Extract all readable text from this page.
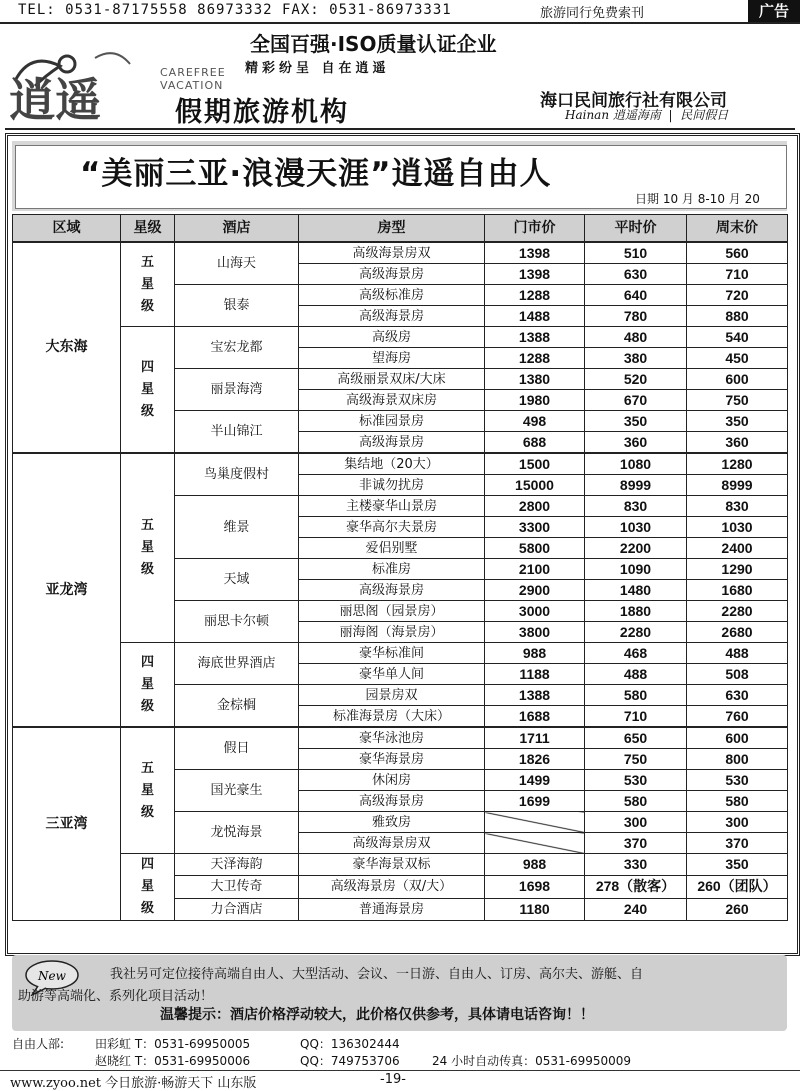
TEL: 0531-87175558 86973332 FAX: 0531-86973331	旅游同行免费索刊	广告
全国百强·ISO质量认证企业
精彩纷呈 自在逍遥
逍遥
CAREFREE
VACATION
假期旅游机构	海口民间旅行社有限公司
Hainan 逍遥海南  |  民间假日
“美丽三亚·浪漫天涯”逍遥自由人
日期 10 月 8-10 月 20
区域	星级	酒店	房型	门市价	平时价	周末价
大东海	五星级	山海天	高级海景房双	1398	510	560
			高级海景房	1398	630	710
		银泰	高级标准房	1288	640	720
			高级海景房	1488	780	880
	四星级	宝宏龙都	高级房	1388	480	540
			望海房	1288	380	450
		丽景海湾	高级丽景双床/大床	1380	520	600
			高级海景双床房	1980	670	750
		半山锦江	标准园景房	498	350	350
			高级海景房	688	360	360
亚龙湾	五星级	鸟巢度假村	集结地（20大）	1500	1080	1280
			非诚勿扰房	15000	8999	8999
		维景	主楼豪华山景房	2800	830	830
			豪华高尔夫景房	3300	1030	1030
			爱侣别墅	5800	2200	2400
		天域	标准房	2100	1090	1290
			高级海景房	2900	1480	1680
		丽思卡尔顿	丽思阁（园景房）	3000	1880	2280
			丽海阁（海景房）	3800	2280	2680
	四星级	海底世界酒店	豪华标准间	988	468	488
			豪华单人间	1188	488	508
		金棕榈	园景房双	1388	580	630
			标准海景房（大床）	1688	710	760
三亚湾	五星级	假日	豪华泳池房	1711	650	600
			豪华海景房	1826	750	800
		国光豪生	休闲房	1499	530	530
			高级海景房	1699	580	580
		龙悦海景	雅致房		300	300
			高级海景房双		370	370
	四星级	天泽海韵	豪华海景双标	988	330	350
		大卫传奇	高级海景房（双/大）	1698	278（散客）	260（团队）
		力合酒店	普通海景房	1180	240	260
New	我社另可定位接待高端自由人、大型活动、会议、一日游、自由人、订房、高尔夫、游艇、自
助游等高端化、系列化项目活动！
温馨提示：酒店价格浮动较大，此价格仅供参考，具体请电话咨询！！
自由人部:	田彩虹 T：0531-69950005	QQ：136302444
赵晓红 T：0531-69950006	QQ：749753706	24 小时自动传真：0531-69950009
www.zyoo.net 今日旅游·畅游天下 山东版	-19-
